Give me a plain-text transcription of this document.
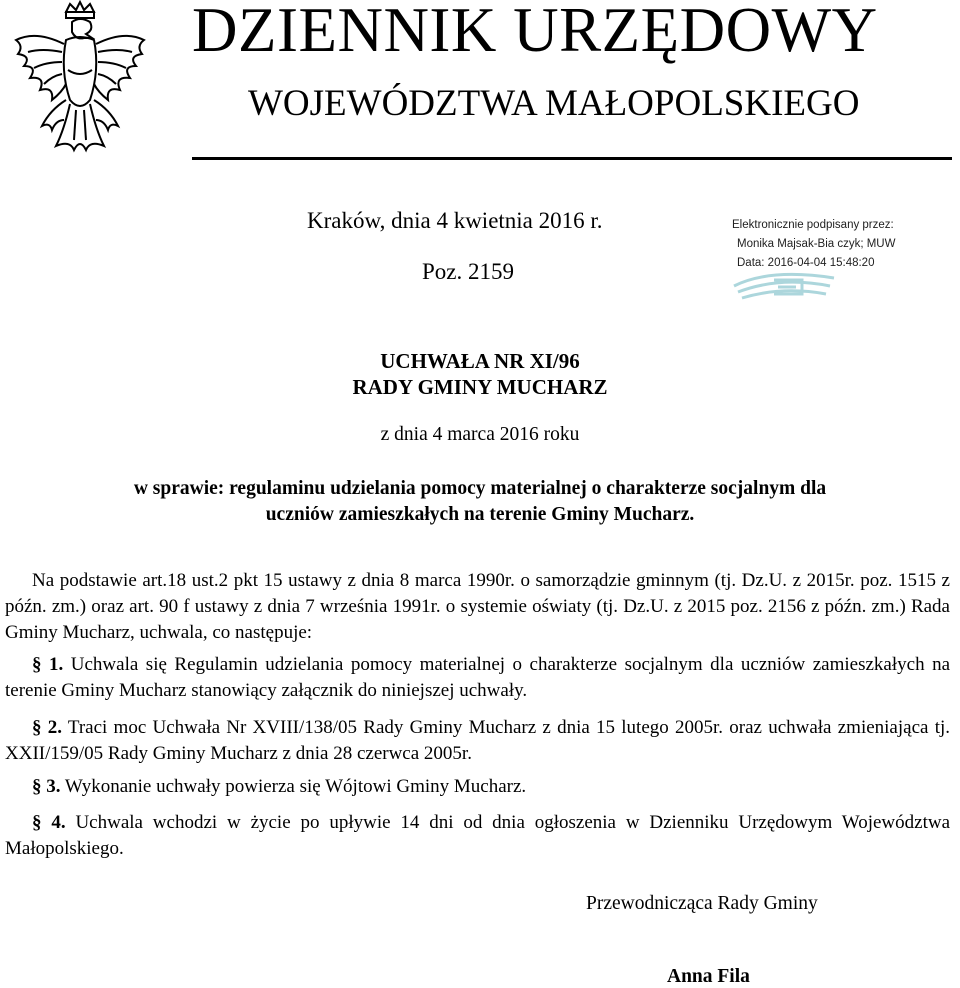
DZIENNIK URZĘDOWY
WOJEWÓDZTWA MAŁOPOLSKIEGO
Kraków, dnia 4 kwietnia 2016 r.
Poz. 2159
Elektronicznie podpisany przez:
Monika Majsak-Bia czyk; MUW
Data: 2016-04-04 15:48:20
UCHWAŁA NR XI/96
RADY GMINY MUCHARZ
z dnia 4 marca 2016 roku
w sprawie: regulaminu udzielania pomocy materialnej o charakterze socjalnym dla uczniów zamieszkałych na terenie Gminy Mucharz.
Na podstawie art.18 ust.2 pkt 15 ustawy z dnia 8 marca 1990r. o samorządzie gminnym (tj. Dz.U. z 2015r. poz. 1515 z późn. zm.) oraz art. 90 f ustawy z dnia 7 września 1991r. o systemie oświaty (tj. Dz.U. z 2015 poz. 2156 z późn. zm.) Rada Gminy Mucharz, uchwala, co następuje:
§ 1. Uchwala się Regulamin udzielania pomocy materialnej o charakterze socjalnym dla uczniów zamieszkałych na terenie Gminy Mucharz stanowiący załącznik do niniejszej uchwały.
§ 2. Traci moc Uchwała Nr XVIII/138/05 Rady Gminy Mucharz z dnia 15 lutego 2005r. oraz uchwała zmieniająca tj. XXII/159/05 Rady Gminy Mucharz z dnia 28 czerwca 2005r.
§ 3. Wykonanie uchwały powierza się Wójtowi Gminy Mucharz.
§ 4. Uchwala wchodzi w życie po upływie 14 dni od dnia ogłoszenia w Dzienniku Urzędowym Województwa Małopolskiego.
Przewodnicząca Rady Gminy
Anna Fila
